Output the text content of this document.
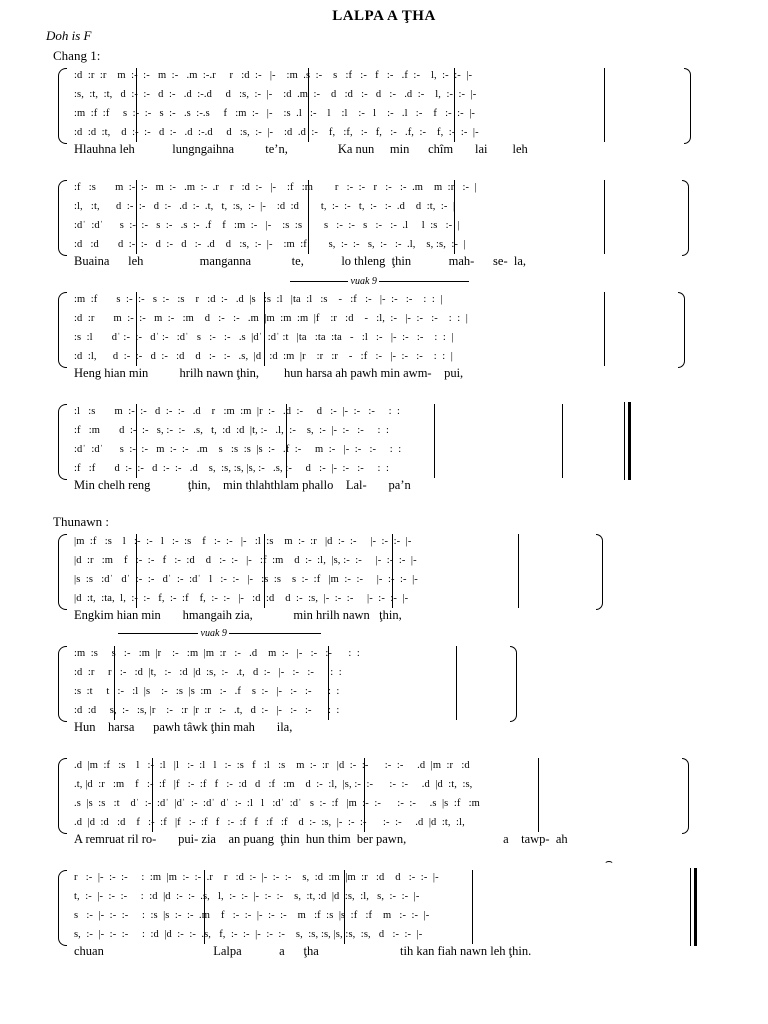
LALPA A ŢHA
Doh is F
Chang 1:
Thunawn :
:d  :r  :r    m  :-  :-   m  :-   .m  :-.r     r   :d  :-   |-    :m  .s  :-    s   :f   :-   f   :-   .f  :-    l,  :-  :-  |-
:s,  :t,  :t,   d  :-  :-   d  :-   .d  :-.d     d   :s,  :-  |-    :d  .m  :-    d   :d   :-   d   :-   .d  :-    l,  :-  :-  |-
:m  :f  :f     s  :-  :-   s  :-   .s  :-.s     f   :m  :-   |-    :s  .l   :-    l    :l    :-   l    :-   .l   :-    f   :-  :-  |-
:d  :d  :t,    d  :-  :-   d  :-   .d  :-.d     d   :s,  :-  |-    :d  .d  :-    f,   :f,   :-   f,   :-   .f,  :-    f,  :-  :-  |-
Hlauhna leh            lungngaihna          te’n,                Ka nun     min      chîm       lai        leh
:f   :s       m  :-  :-   m  :-   .m  :-  .r    r   :d  :-   |-    :f   :m        r   :-  :-   r   :-   :-  .m    m  :r   :-  |
:l,   :t,      d  :-  :-   d  :-   .d  :-  .t,   t,  :s,  :-  |-    :d  :d        t,  :-  :-   t,  :-   :-  .d    d  :t,  :-  |
:dˈ  :dˈ      s  :-  :-   s  :-   .s  :-  .f    f   :m  :-   |-    :s  :s        s   :-  :-   s   :-   :-  .l     l  :s   :-  |
:d   :d       d  :-  :-   d  :-   d   :-  .d    d   :s,  :-  |-    :m  :f        s,  :-  :-   s,  :-   :-  .l,    s, :s,  :-  |
Buaina      leh                  manganna             te,            lo thleng  ţhin            mah-      se-  la,
vuak 9
:m  :f       s  :-  :-   s  :-   :s    r   :d  :-   .d  |s   :s  :l   |ta  :l   :s    -   :f   :-   |-  :-   :-    :  :  |
:d  :r       m  :-  :-   m  :-   :m    d   :-   :-   .m  |m  :m  :m  |f    :r   :d    -   :l,  :-   |-  :-   :-    :  :  |
:s  :l       dˈ :-  :-   dˈ :-   :dˈ   s   :-   :-   .s  |dˈ  :dˈ :t   |ta   :ta  :ta   -   :l   :-   |-  :-   :-    :  :  |
:d  :l,      d  :-  :-   d  :-   :d    d   :-   :-   .s,  |d   :d  :m  |r    :r   :r    -   :f   :-   |-  :-   :-    :  :  |
Heng hian min          hrilh nawn ţhin,        hun harsa ah pawh min awm-    pui,
:l   :s       m  :-  :-   d  :-  :-   .d    r   :m  :m  |r  :-   .d  :-     d   :-  |-  :-   :-     :  :
:f   :m       d  :-  :-   s, :-  :-   .s,   t,  :d  :d  |t, :-   .l,  :-    s,  :-  |-  :-   :-     :  :
:dˈ  :dˈ      s  :-  :-   m  :-  :-   .m    s   :s  :s  |s  :-   .f  :-     m  :-   |-  :-   :-     :  :
:f   :f       d  :-  :-   d  :-  :-   .d    s,  :s, :s, |s, :-   .s, :-     d   :-  |-  :-   :-     :  :
Min chelh reng            ţhin,    min thlahthlam phallo    Lal-       pa’n
|m  :f   :s    l   :-  :-   l   :-  :s    f   :-  :-   |-   :l  :s    m  :-  :r   |d  :-  :-     |-  :-  :-  |-
|d  :r   :m    f   :-  :-   f   :-  :d    d   :-  :-   |-   :f  :m    d  :-  :l,  |s, :-  :-     |-  :-  :-  |-
|s  :s   :dˈ   dˈ  :-  :-   dˈ  :-  :dˈ   l   :-  :-   |-   :s  :s    s  :-  :f   |m  :-  :-     |-  :-  :-  |-
|d  :t,  :ta,  l,  :-  :-   f,  :-  :f    f,  :-  :-   |-   :d  :d    d  :-  :s,  |-  :-  :-     |-  :-  :-  |-
Engkim hian min       hmangaih zia,             min hrilh nawn   ţhin,
vuak 9
:m  :s     s   :-   :m  |r    :-   :m  |m  :r   :-   .d    m  :-   |-   :-   :-      :  :
:d  :r     r   :-   :d  |t,   :-   :d  |d  :s,  :-   .t,   d  :-   |-   :-   :-      :  :
:s  :t     t   :-   :l  |s    :-   :s  |s  :m   :-   .f    s  :-   |-   :-   :-      :  :
:d  :d     s,  :-   :s, |r    :-   :r  |r  :r   :-   .t,   d  :-   |-   :-   :-      :  :
Hun    harsa      pawh tâwk ţhin mah       ila,
.d  |m  :f   :s    l   :-  :l   |l   :-  :l   l   :-  :s   f   :l   :s    m  :-  :r   |d  :-  :-      :-  :-     .d  |m  :r   :d
.t, |d  :r   :m    f   :-  :f   |f   :-  :f   f   :-  :d   d   :f   :m    d  :-  :l,  |s, :-  :-      :-  :-     .d  |d  :t,  :s,
.s  |s  :s   :t    dˈ  :-  :dˈ  |dˈ  :-  :dˈ  dˈ  :-  :l   l   :dˈ  :dˈ   s  :-  :f   |m  :-  :-      :-  :-     .s  |s  :f   :m
.d  |d  :d   :d    f   :-  :f   |f   :-  :f   f   :-  :f   f   :f   :f    d  :-  :s,  |-  :-  :-      :-  :-     .d  |d  :t,  :l,
A remruat ril ro-       pui- zia    an puang  ţhin  hun thim  ber pawn,                               a    tawp-  ah
r   :-  |-  :-  :-     :  :m  |m  :-  :-  .r    r   :d  :-  |-  :-  :-    s,  :d  :m  |m  :r   :d    d   :-  :-  |-
t,  :-  |-  :-  :-     :  :d  |d  :-  :-  .s,   l,  :-  :-  |-  :-  :-    s,  :t, :d  |d  :s,  :l,   s,  :-  :-  |-
s   :-  |-  :-  :-     :  :s  |s  :-  :-  .m    f   :-  :-  |-  :-  :-    m   :f  :s  |s  :f   :f    m   :-  :-  |-
s,  :-  |-  :-  :-     :  :d  |d  :-  :-  .s,   f,  :-  :-  |-  :-  :-    s,  :s, :s, |s, :s,  :s,   d   :-  :-  |-
chuan                                   Lalpa            a      ţha                          tih kan fiah nawn leh ţhin.
⌢
